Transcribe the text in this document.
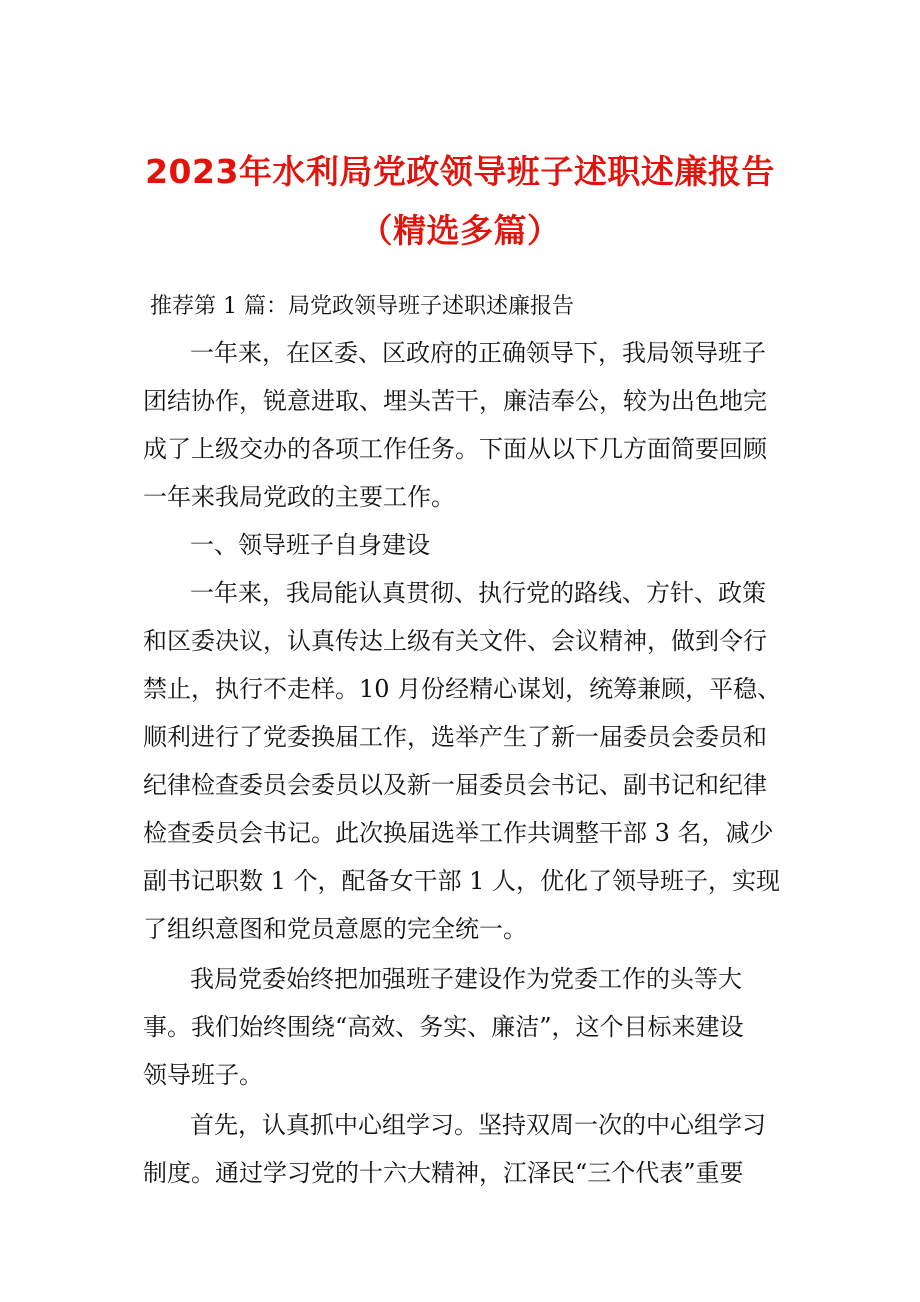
2023年水利局党政领导班子述职述廉报告
（精选多篇）
推荐第 1 篇：局党政领导班子述职述廉报告
一年来，在区委、区政府的正确领导下，我局领导班子
团结协作，锐意进取、埋头苦干，廉洁奉公，较为出色地完
成了上级交办的各项工作任务。下面从以下几方面简要回顾
一年来我局党政的主要工作。
一、领导班子自身建设
一年来，我局能认真贯彻、执行党的路线、方针、政策
和区委决议，认真传达上级有关文件、会议精神，做到令行
禁止，执行不走样。10 月份经精心谋划，统筹兼顾，平稳、
顺利进行了党委换届工作，选举产生了新一届委员会委员和
纪律检查委员会委员以及新一届委员会书记、副书记和纪律
检查委员会书记。此次换届选举工作共调整干部 3 名，减少
副书记职数 1 个，配备女干部 1 人，优化了领导班子，实现
了组织意图和党员意愿的完全统一。
我局党委始终把加强班子建设作为党委工作的头等大
事。我们始终围绕“高效、务实、廉洁”，这个目标来建设
领导班子。
首先，认真抓中心组学习。坚持双周一次的中心组学习
制度。通过学习党的十六大精神，江泽民“三个代表”重要
